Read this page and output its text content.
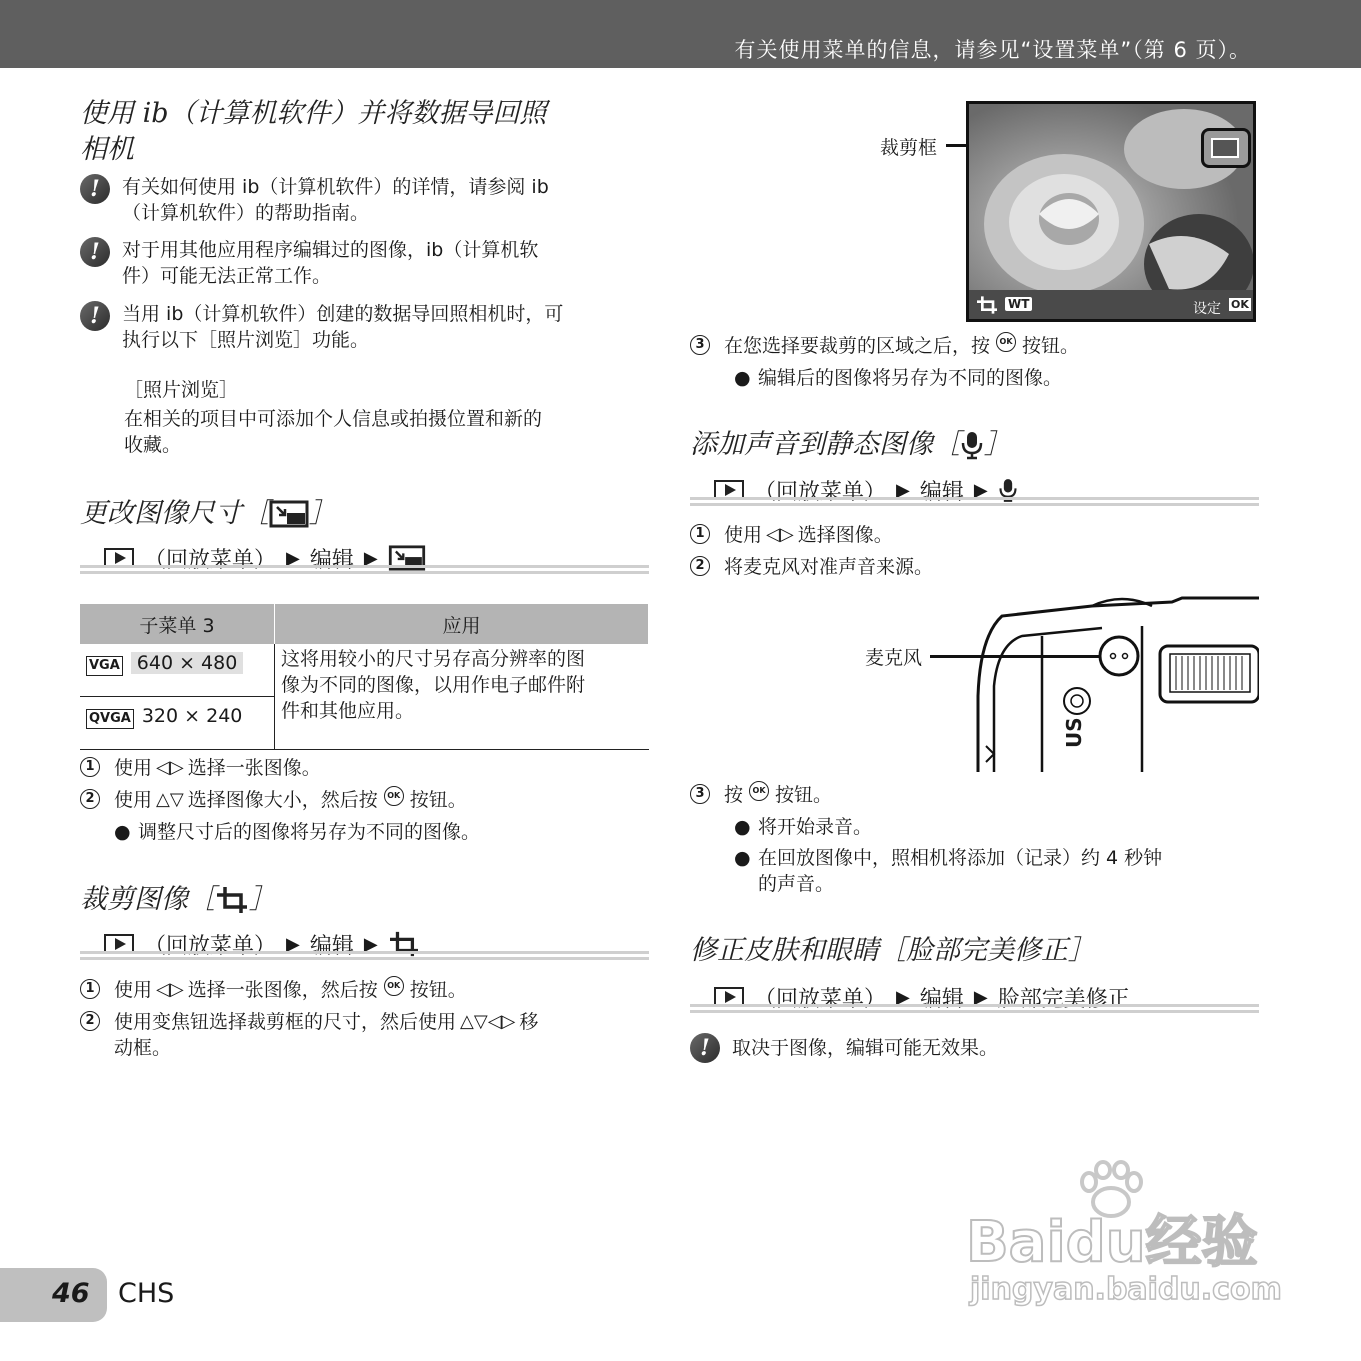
有关使用菜单的信息，请参见“设置菜单”（第 6 页）。
使用 ib（计算机软件）并将数据导回照
相机
!	有关如何使用 ib（计算机软件）的详情，请参阅 ib
（计算机软件）的帮助指南。
!	对于用其他应用程序编辑过的图像，ib（计算机软
件）可能无法正常工作。
!	当用 ib（计算机软件）创建的数据导回照相机时，可
执行以下［照片浏览］功能。
［照片浏览］
在相关的项目中可添加个人信息或拍摄位置和新的
收藏。
更改图像尺寸［ ］
（回放菜单） ▶ 编辑 ▶
子菜单 3	应用
VGA 640 × 480	这将用较小的尺寸另存高分辨率的图
像为不同的图像，以用作电子邮件附
件和其他应用。

QVGA 320 × 240	
1 使用 ◁▷ 选择一张图像。
2 使用 △▽ 选择图像大小，然后按	OK 按钮。
● 调整尺寸后的图像将另存为不同的图像。
裁剪图像［ ］
（回放菜单） ▶ 编辑 ▶
1 使用 ◁▷ 选择一张图像，然后按	OK 按钮。
2 使用变焦钮选择裁剪框的尺寸，然后使用 △▽◁▷ 移
动框。
裁剪框
WT	设定 OK
3 在您选择要裁剪的区域之后，按	OK 按钮。
● 编辑后的图像将另存为不同的图像。
添加声音到静态图像［ ］
（回放菜单） ▶ 编辑 ▶
1 使用 ◁▷ 选择图像。
2 将麦克风对准声音来源。
麦克风
US
3 按	OK 按钮。
● 将开始录音。
● 在回放图像中，照相机将添加（记录）约 4 秒钟
的声音。
修正皮肤和眼睛［脸部完美修正］
（回放菜单） ▶ 编辑 ▶ 脸部完美修正
!	取决于图像，编辑可能无效果。
46 CHS
Baidu经验
jingyan.baidu.com
